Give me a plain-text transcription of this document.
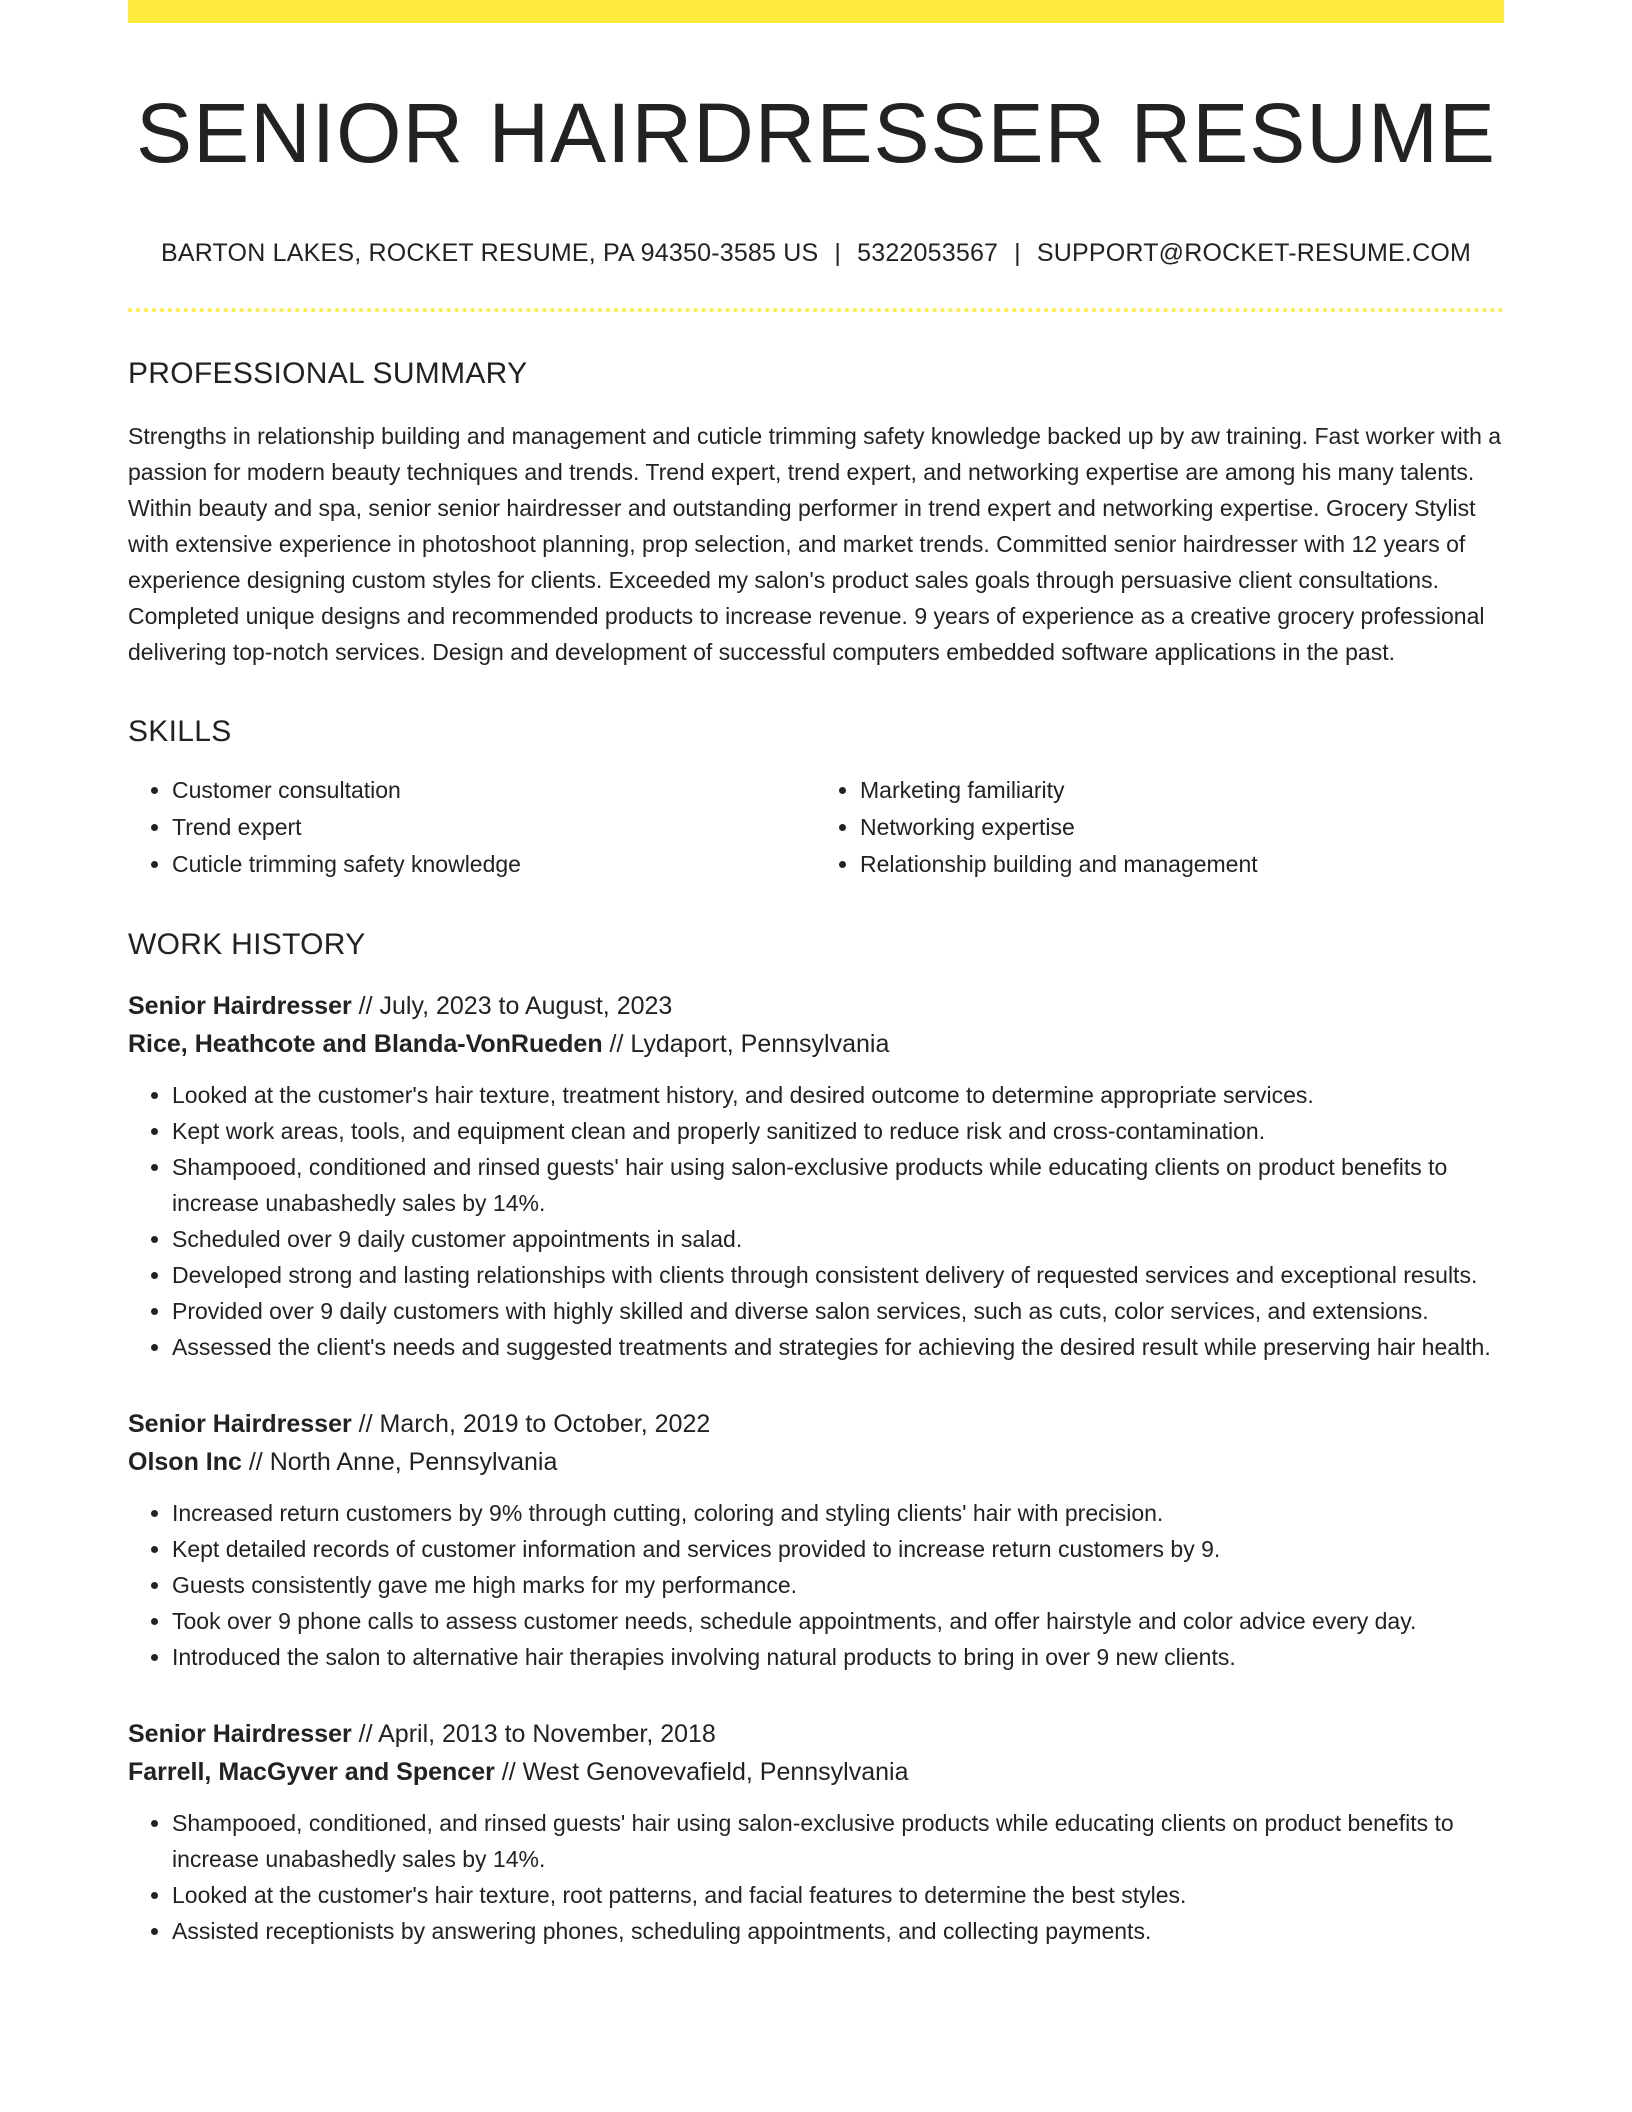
SENIOR HAIRDRESSER RESUME
BARTON LAKES, ROCKET RESUME, PA 94350-3585 US | 5322053567 | SUPPORT@ROCKET-RESUME.COM
PROFESSIONAL SUMMARY

Strengths in relationship building and management and cuticle trimming safety knowledge backed up by aw training. Fast worker with a passion for modern beauty techniques and trends. Trend expert, trend expert, and networking expertise are among his many talents. Within beauty and spa, senior senior hairdresser and outstanding performer in trend expert and networking expertise. Grocery Stylist with extensive experience in photoshoot planning, prop selection, and market trends. Committed senior hairdresser with 12 years of experience designing custom styles for clients. Exceeded my salon's product sales goals through persuasive client consultations. Completed unique designs and recommended products to increase revenue. 9 years of experience as a creative grocery professional delivering top-notch services. Design and development of successful computers embedded software applications in the past.

SKILLS
• Customer consultation
• Trend expert
• Cuticle trimming safety knowledge
• Marketing familiarity
• Networking expertise
• Relationship building and management
WORK HISTORY
Senior Hairdresser // July, 2023 to August, 2023
Rice, Heathcote and Blanda-VonRueden // Lydaport, Pennsylvania
• Looked at the customer's hair texture, treatment history, and desired outcome to determine appropriate services.
• Kept work areas, tools, and equipment clean and properly sanitized to reduce risk and cross-contamination.
• Shampooed, conditioned and rinsed guests' hair using salon-exclusive products while educating clients on product benefits to increase unabashedly sales by 14%.
• Scheduled over 9 daily customer appointments in salad.
• Developed strong and lasting relationships with clients through consistent delivery of requested services and exceptional results.
• Provided over 9 daily customers with highly skilled and diverse salon services, such as cuts, color services, and extensions.
• Assessed the client's needs and suggested treatments and strategies for achieving the desired result while preserving hair health.
Senior Hairdresser // March, 2019 to October, 2022
Olson Inc // North Anne, Pennsylvania
• Increased return customers by 9% through cutting, coloring and styling clients' hair with precision.
• Kept detailed records of customer information and services provided to increase return customers by 9.
• Guests consistently gave me high marks for my performance.
• Took over 9 phone calls to assess customer needs, schedule appointments, and offer hairstyle and color advice every day.
• Introduced the salon to alternative hair therapies involving natural products to bring in over 9 new clients.
Senior Hairdresser // April, 2013 to November, 2018
Farrell, MacGyver and Spencer // West Genovevafield, Pennsylvania
• Shampooed, conditioned, and rinsed guests' hair using salon-exclusive products while educating clients on product benefits to increase unabashedly sales by 14%.
• Looked at the customer's hair texture, root patterns, and facial features to determine the best styles.
• Assisted receptionists by answering phones, scheduling appointments, and collecting payments.
